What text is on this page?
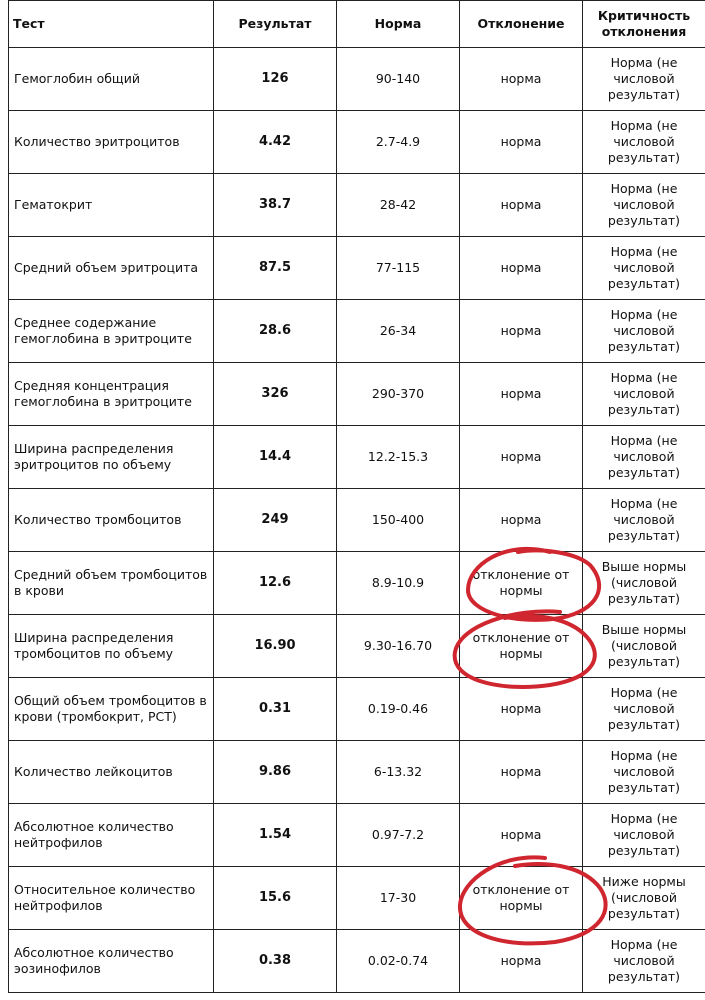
Тест	Результат	Норма	Отклонение	Критичность отклонения
Гемоглобин общий	126	90-140	норма	Норма (не числовой результат)
Количество эритроцитов	4.42	2.7-4.9	норма	Норма (не числовой результат)
Гематокрит	38.7	28-42	норма	Норма (не числовой результат)
Средний объем эритроцита	87.5	77-115	норма	Норма (не числовой результат)
Среднее содержание гемоглобина в эритроците	28.6	26-34	норма	Норма (не числовой результат)
Средняя концентрация гемоглобина в эритроците	326	290-370	норма	Норма (не числовой результат)
Ширина распределения эритроцитов по объему	14.4	12.2-15.3	норма	Норма (не числовой результат)
Количество тромбоцитов	249	150-400	норма	Норма (не числовой результат)
Средний объем тромбоцитов в крови	12.6	8.9-10.9	отклонение от нормы	Выше нормы (числовой результат)
Ширина распределения тромбоцитов по объему	16.90	9.30-16.70	отклонение от нормы	Выше нормы (числовой результат)
Общий объем тромбоцитов в крови (тромбокрит, PCT)	0.31	0.19-0.46	норма	Норма (не числовой результат)
Количество лейкоцитов	9.86	6-13.32	норма	Норма (не числовой результат)
Абсолютное количество нейтрофилов	1.54	0.97-7.2	норма	Норма (не числовой результат)
Относительное количество нейтрофилов	15.6	17-30	отклонение от нормы	Ниже нормы (числовой результат)
Абсолютное количество эозинофилов	0.38	0.02-0.74	норма	Норма (не числовой результат)
